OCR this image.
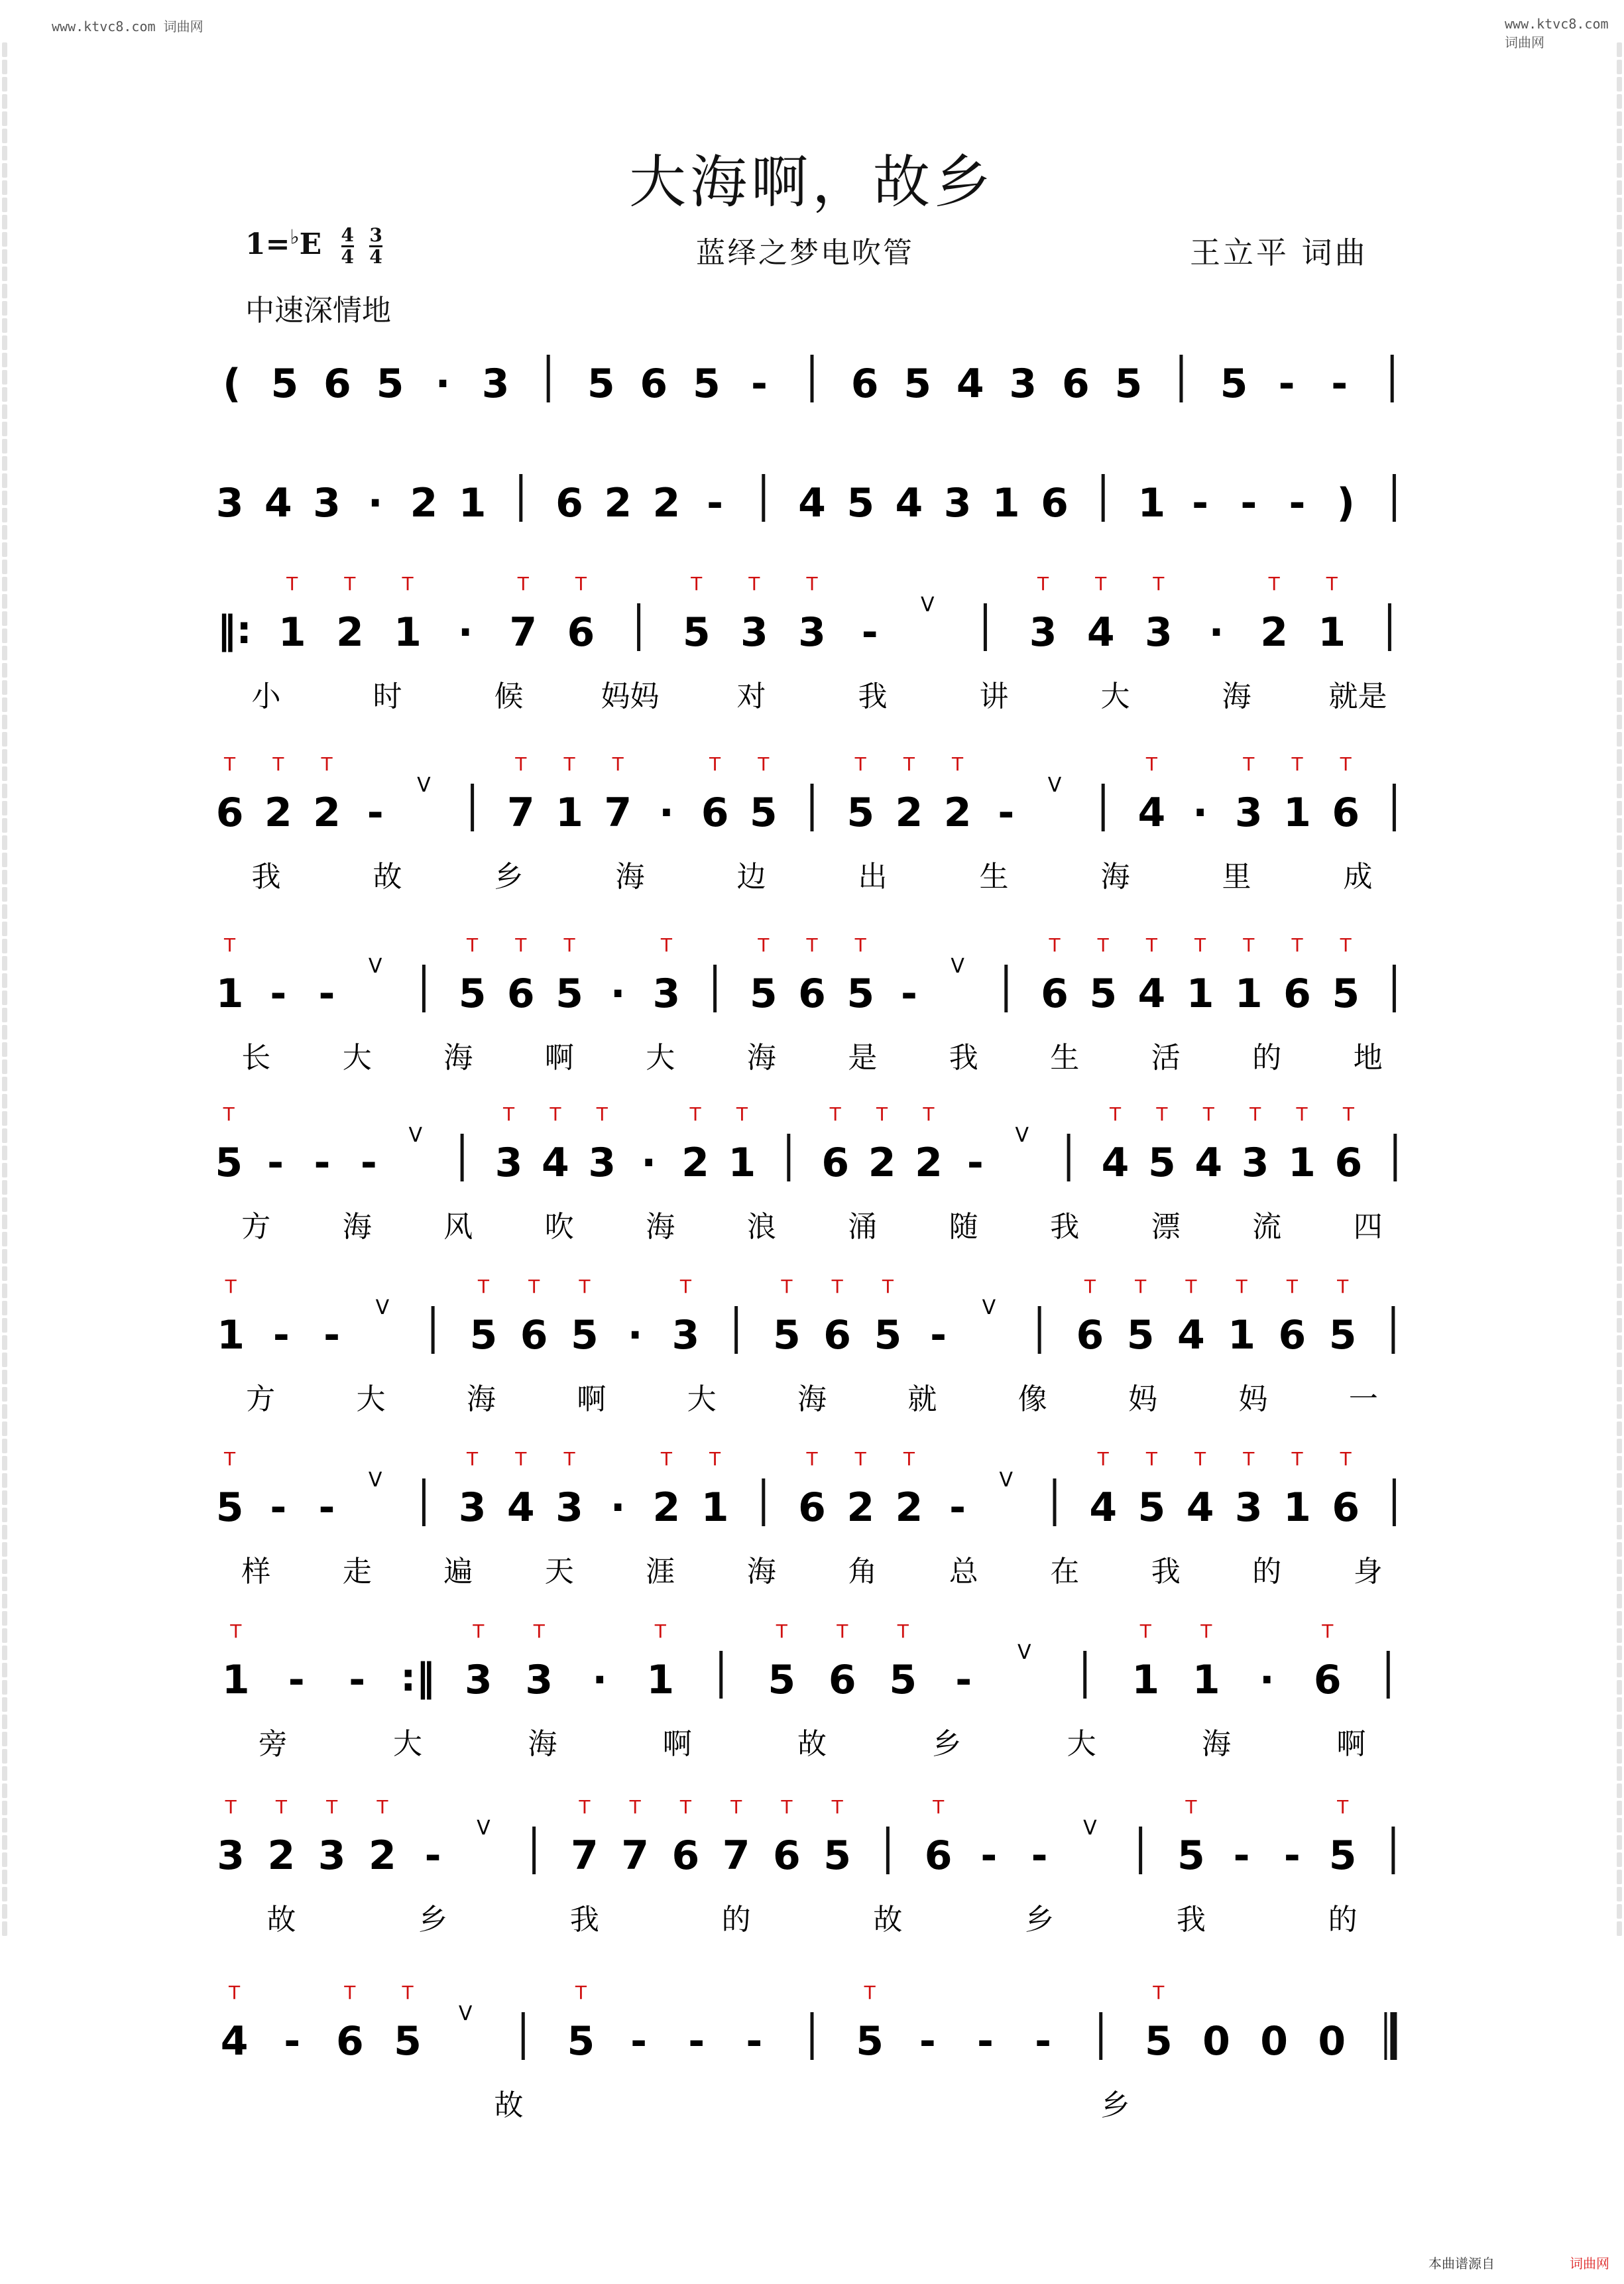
www.ktvc8.com 词曲网	www.ktvc8.com 词曲网
大海啊，故乡
$1=^♭E \frac{4}{4} \frac{3}{4}$
中速深情地
蓝绎之梦电吹管	王立平 词曲
( 5 6 5 · 3 5 6 5 - 6 5 4 3 6 5 5 - -
3 4 3 · 2 1 6 2 2 - 4 5 4 3 1 6 1 - - - )
‖: 1
T
2
T
1
T
· 7
T
6
T
5
T
3
T
3
T
-
V
3
T
4
T
3
T
· 2
T
1
T
小	时	候	妈妈	对	我	讲	大	海	就是
6
T
2
T
2
T
-
V
7
T
1
T
7
T
· 6
T
5
T
5
T
2
T
2
T
-
V
4
T
· 3
T
1
T
6
T
我	故	乡	海	边	出	生	海	里	成
1
T
- -
V
5
T
6
T
5
T
· 3
T
5
T
6
T
5
T
-
V
6
T
5
T
4
T
1
T
1
T
6
T
5
T
长 大 海 啊 大 海 是 我 生 活 的 地
5
T
- - -
V
3
T
4
T
3
T
· 2
T
1
T
6
T
2
T
2
T
-
V
4
T
5
T
4
T
3
T
1
T
6
T
方 海 风 吹 海 浪 涌 随 我 漂 流 四
1
T
- -
V
5
T
6
T
5
T
· 3
T
5
T
6
T
5
T
-
V
6
T
5
T
4
T
1
T
6
T
5
T
方	大	海	啊	大	海	就	像	妈	妈	一
5
T
- -
V
3
T
4
T
3
T
· 2
T
1
T
6
T
2
T
2
T
-
V
4
T
5
T
4
T
3
T
1
T
6
T
样 走 遍 天 涯 海 角 总 在 我 的 身
1
T
- - :‖ 3
T
3
T
· 1
T
5
T
6
T
5
T
-
V
1
T
1
T
· 6
T
旁	大	海	啊	故	乡	大	海	啊
3
T
2
T
3
T
2
T
-
V
7
T
7
T
6
T
7
T
6
T
5
T
6
T
- -
V
5
T
- - 5
T
故	乡	我	的	故	乡	我	的
4
T
- 6
T
5
T
V
5
T
- - - 5
T
- - - 5
T
0 0 0
故	乡
本曲谱源自	词曲网
